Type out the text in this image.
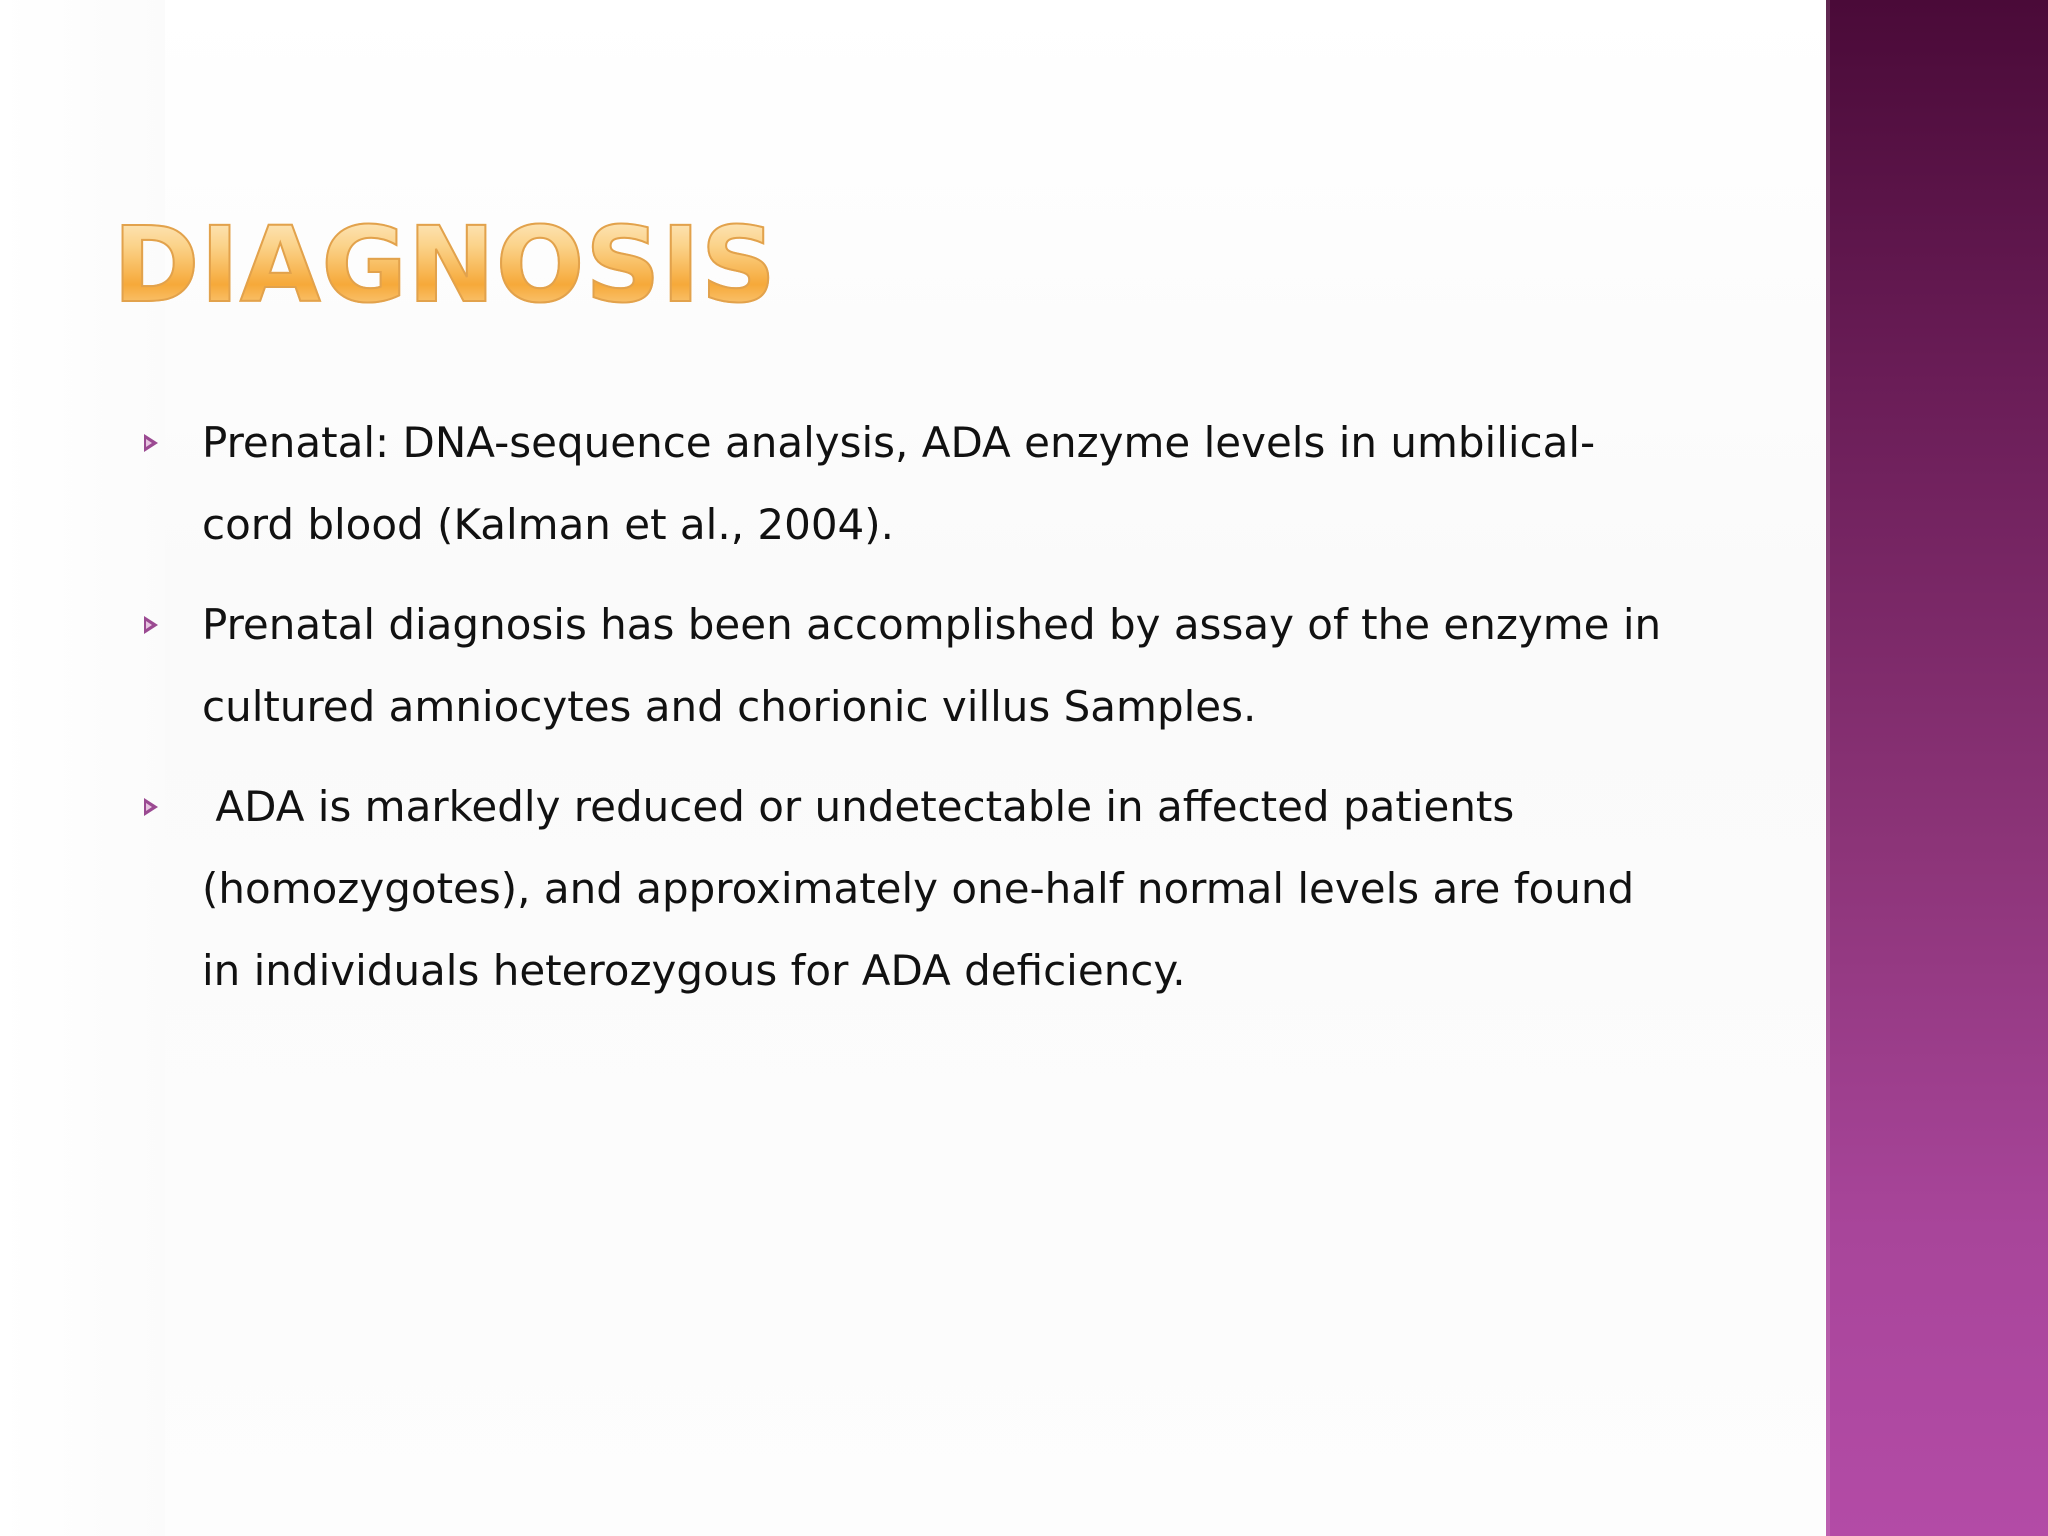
DIAGNOSIS
Prenatal: DNA-sequence analysis, ADA enzyme levels in umbilical-cord blood (Kalman et al., 2004).
Prenatal diagnosis has been accomplished by assay of the enzyme in cultured amniocytes and chorionic villus Samples.
ADA is markedly reduced or undetectable in affected patients (homozygotes), and approximately one-half normal levels are found in individuals heterozygous for ADA deficiency.
